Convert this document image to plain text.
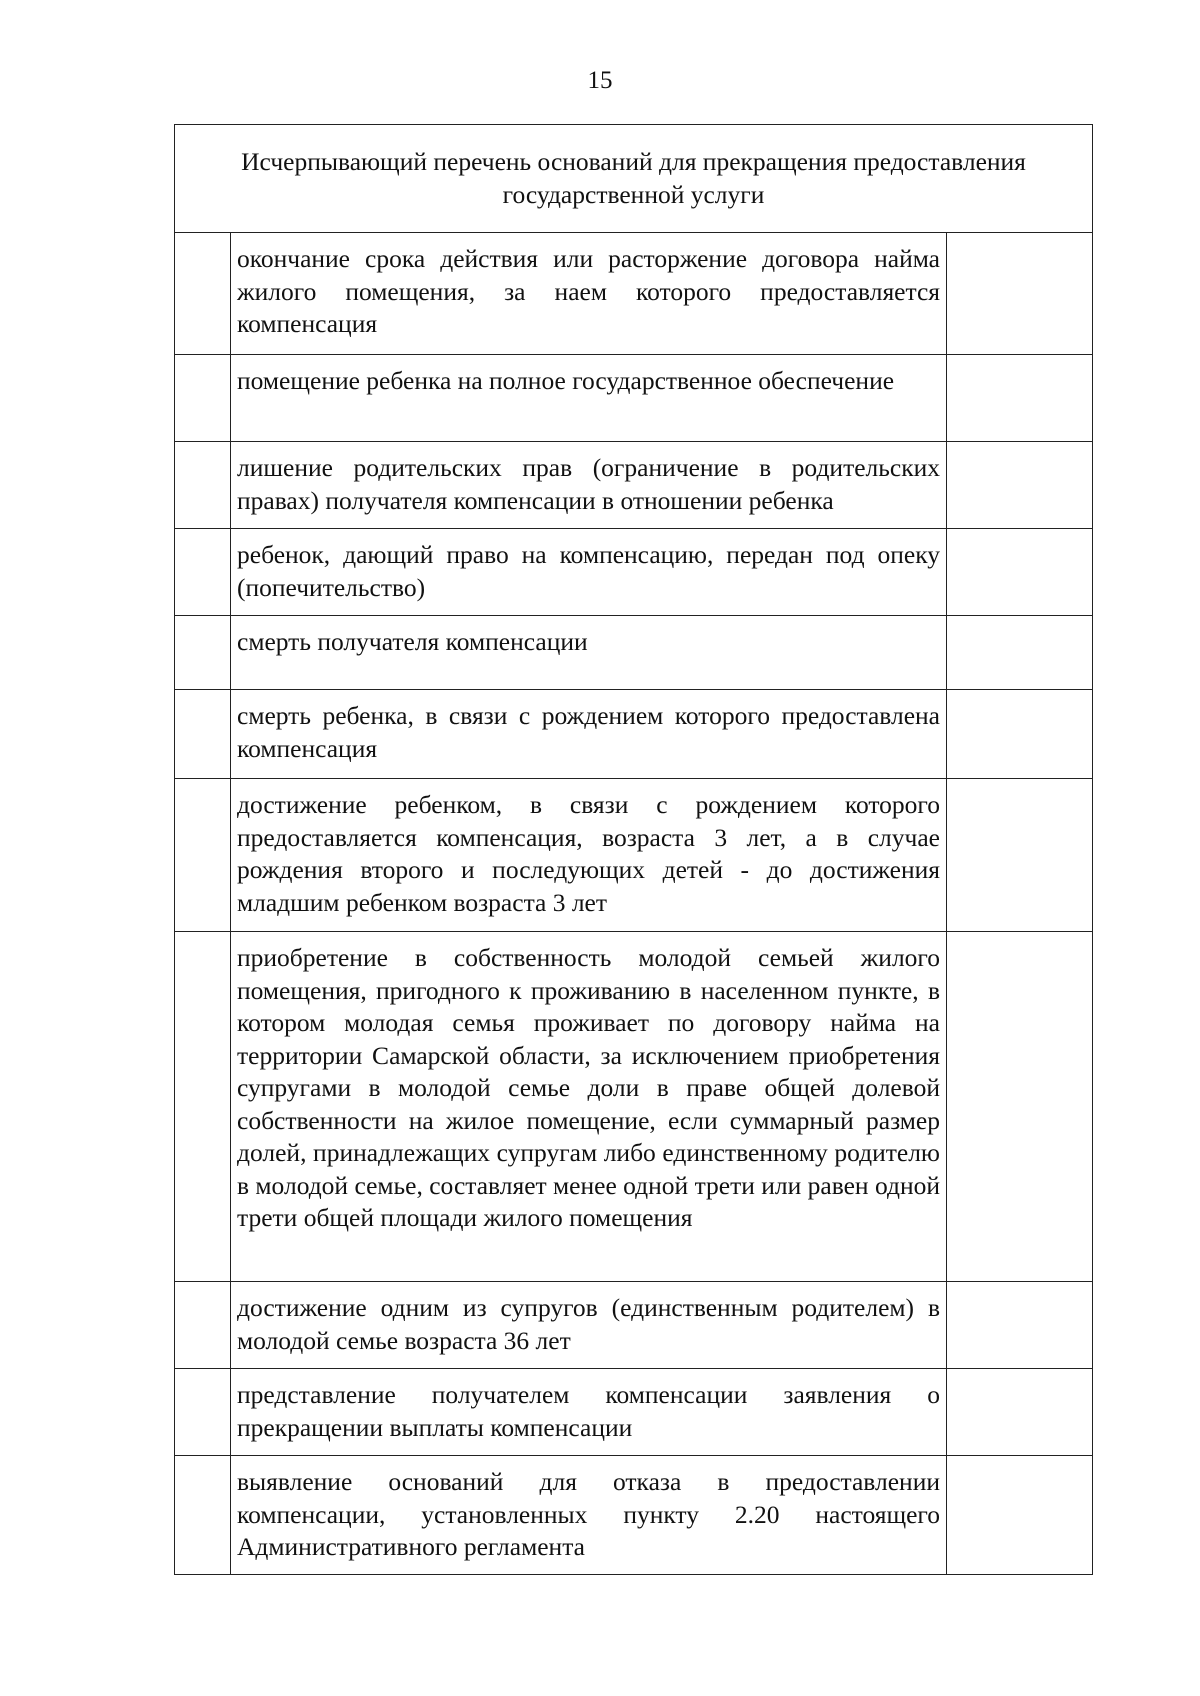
15
Исчерпывающий перечень оснований для прекращения предоставления государственной услуги		
	окончание срока действия или расторжение договора найма жилого помещения, за наем которого предоставляется компенсация	
	помещение ребенка на полное государственное обеспечение	
	лишение родительских прав (ограничение в родительских правах) получателя компенсации в отношении ребенка	
	ребенок, дающий право на компенсацию, передан под опеку (попечительство)	
	смерть получателя компенсации	
	смерть ребенка, в связи с рождением которого предоставлена компенсация	
	достижение ребенком, в связи с рождением которого предоставляется компенсация, возраста 3 лет, а в случае рождения второго и последующих детей - до достижения младшим ребенком возраста 3 лет	
	приобретение в собственность молодой семьей жилого помещения, пригодного к проживанию в населенном пункте, в котором молодая семья проживает по договору найма на территории Самарской области, за исключением приобретения супругами в молодой семье доли в праве общей долевой собственности на жилое помещение, если суммарный размер долей, принадлежащих супругам либо единственному родителю в молодой семье, составляет менее одной трети или равен одной трети общей площади жилого помещения	
	достижение одним из супругов (единственным родителем) в молодой семье возраста 36 лет	
	представление получателем компенсации заявления о прекращении выплаты компенсации	
	выявление оснований для отказа в предоставлении компенсации, установленных пункту 2.20 настоящего Административного регламента	
